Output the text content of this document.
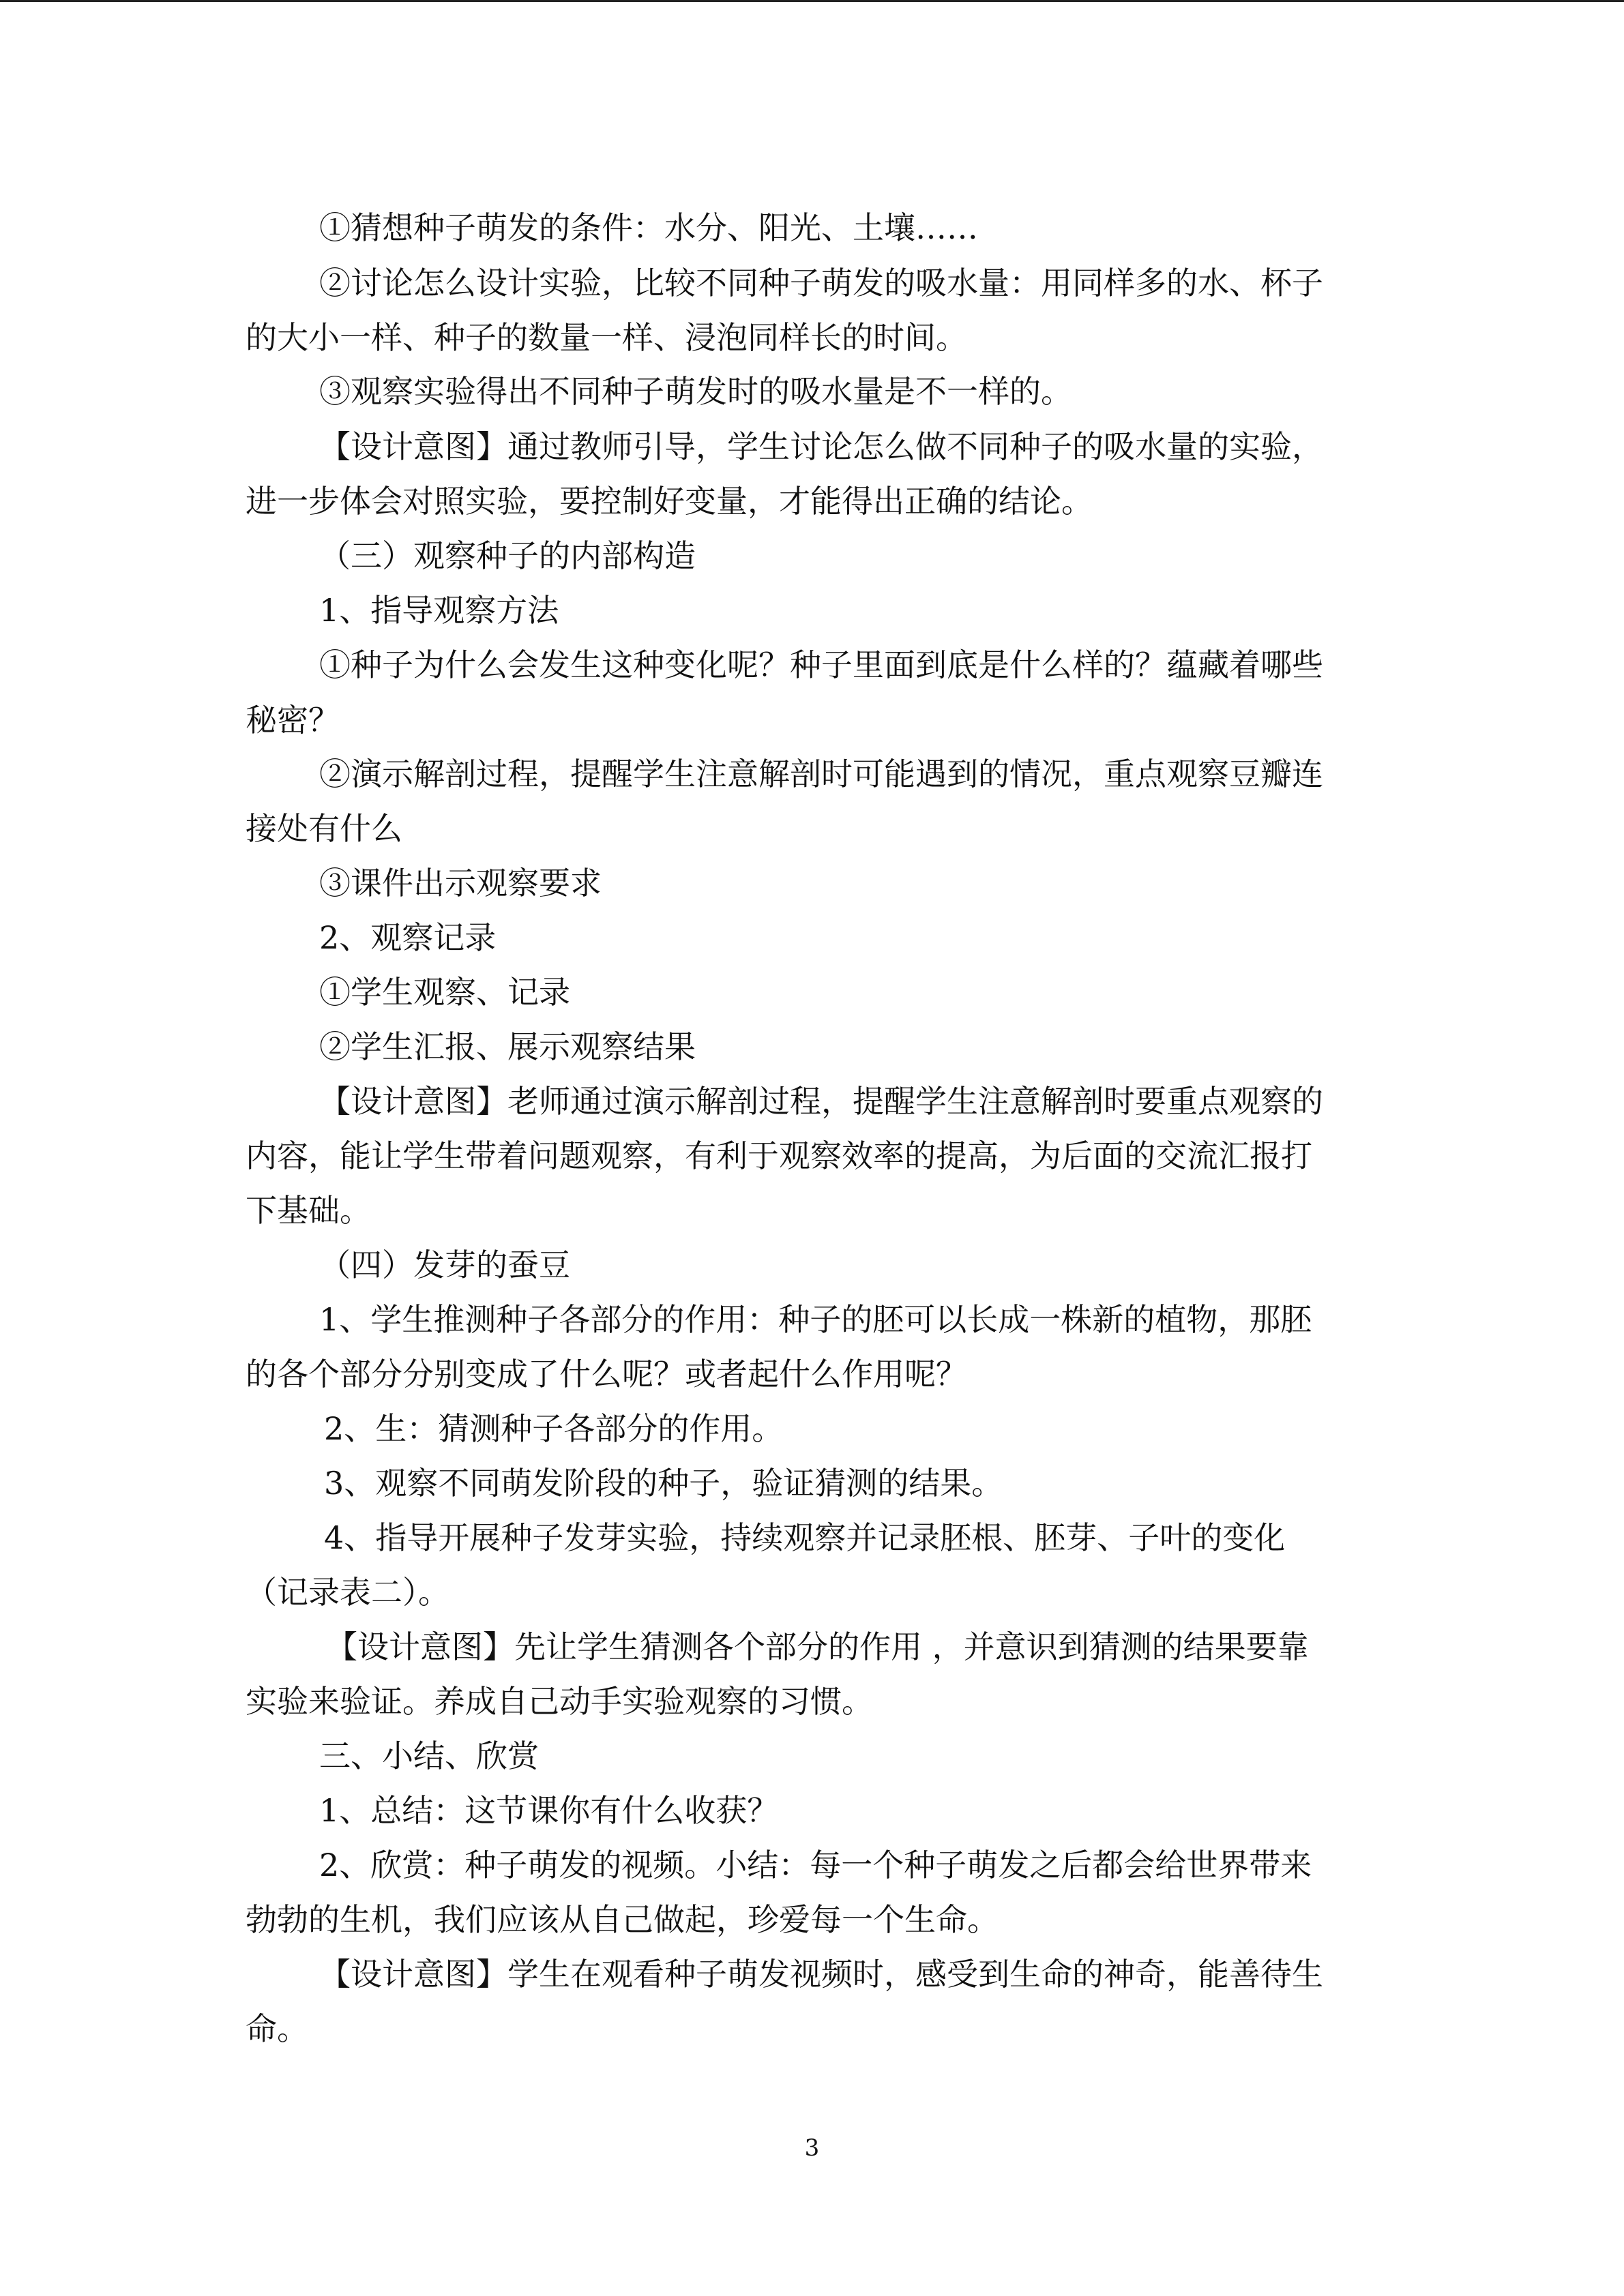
①猜想种子萌发的条件：水分、阳光、土壤……
②讨论怎么设计实验，比较不同种子萌发的吸水量：用同样多的水、杯子
的大小一样、种子的数量一样、浸泡同样长的时间。
③观察实验得出不同种子萌发时的吸水量是不一样的。
【设计意图】通过教师引导，学生讨论怎么做不同种子的吸水量的实验，
进一步体会对照实验，要控制好变量，才能得出正确的结论。
（三）观察种子的内部构造
1、指导观察方法
①种子为什么会发生这种变化呢？种子里面到底是什么样的？蕴藏着哪些
秘密？
②演示解剖过程，提醒学生注意解剖时可能遇到的情况，重点观察豆瓣连
接处有什么
③课件出示观察要求
2、观察记录
①学生观察、记录
②学生汇报、展示观察结果
【设计意图】老师通过演示解剖过程，提醒学生注意解剖时要重点观察的
内容，能让学生带着问题观察，有利于观察效率的提高，为后面的交流汇报打
下基础。
（四）发芽的蚕豆
1、学生推测种子各部分的作用：种子的胚可以长成一株新的植物，那胚
的各个部分分别变成了什么呢？或者起什么作用呢？
2、生：猜测种子各部分的作用。
3、观察不同萌发阶段的种子，验证猜测的结果。
4、指导开展种子发芽实验，持续观察并记录胚根、胚芽、子叶的变化
（记录表二）。
【设计意图】先让学生猜测各个部分的作用 ，并意识到猜测的结果要靠
实验来验证。养成自己动手实验观察的习惯。
三、小结、欣赏
1、总结：这节课你有什么收获？
2、欣赏：种子萌发的视频。小结：每一个种子萌发之后都会给世界带来
勃勃的生机，我们应该从自己做起，珍爱每一个生命。
【设计意图】学生在观看种子萌发视频时，感受到生命的神奇，能善待生
命。
3
